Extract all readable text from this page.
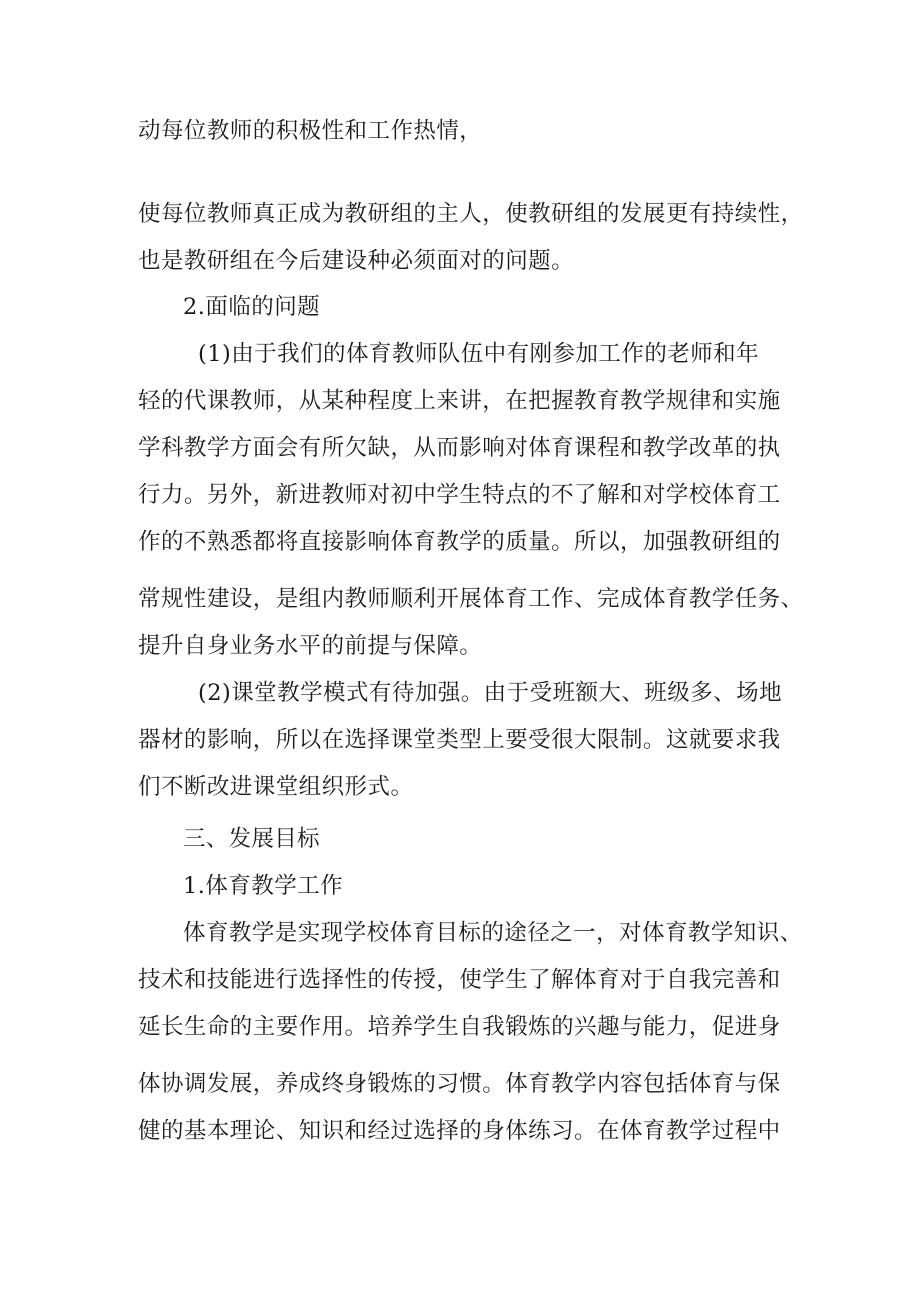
动每位教师的积极性和工作热情，
使每位教师真正成为教研组的主人，使教研组的发展更有持续性，
也是教研组在今后建设种必须面对的问题。
2.面临的问题
(1)由于我们的体育教师队伍中有刚参加工作的老师和年
轻的代课教师，从某种程度上来讲，在把握教育教学规律和实施
学科教学方面会有所欠缺，从而影响对体育课程和教学改革的执
行力。另外，新进教师对初中学生特点的不了解和对学校体育工
作的不熟悉都将直接影响体育教学的质量。所以，加强教研组的
常规性建设，是组内教师顺利开展体育工作、完成体育教学任务、
提升自身业务水平的前提与保障。
(2)课堂教学模式有待加强。由于受班额大、班级多、场地
器材的影响，所以在选择课堂类型上要受很大限制。这就要求我
们不断改进课堂组织形式。
三、发展目标
1.体育教学工作
体育教学是实现学校体育目标的途径之一，对体育教学知识、
技术和技能进行选择性的传授，使学生了解体育对于自我完善和
延长生命的主要作用。培养学生自我锻炼的兴趣与能力，促进身
体协调发展，养成终身锻炼的习惯。体育教学内容包括体育与保
健的基本理论、知识和经过选择的身体练习。在体育教学过程中
